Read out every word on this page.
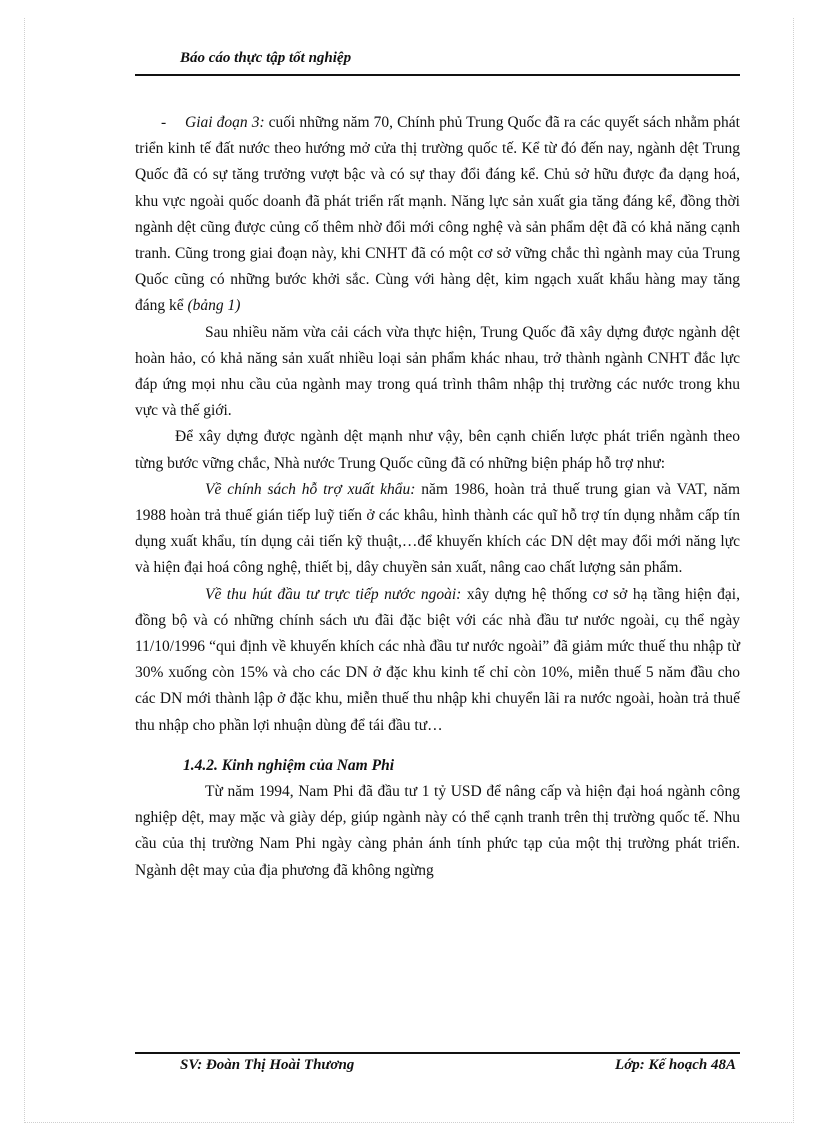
Báo cáo thực tập tốt nghiệp

- Giai đoạn 3: cuối những năm 70, Chính phủ Trung Quốc đã ra các quyết sách nhằm phát triển kinh tế đất nước theo hướng mở cửa thị trường quốc tế. Kể từ đó đến nay, ngành dệt Trung Quốc đã có sự tăng trưởng vượt bậc và có sự thay đổi đáng kể. Chủ sở hữu được đa dạng hoá, khu vực ngoài quốc doanh đã phát triển rất mạnh. Năng lực sản xuất gia tăng đáng kể, đồng thời ngành dệt cũng được củng cố thêm nhờ đổi mới công nghệ và sản phẩm dệt đã có khả năng cạnh tranh. Cũng trong giai đoạn này, khi CNHT đã có một cơ sở vững chắc thì ngành may của Trung Quốc cũng có những bước khởi sắc. Cùng với hàng dệt, kim ngạch xuất khẩu hàng may tăng đáng kể (bảng 1)

Sau nhiều năm vừa cải cách vừa thực hiện, Trung Quốc đã xây dựng được ngành dệt hoàn hảo, có khả năng sản xuất nhiều loại sản phẩm khác nhau, trở thành ngành CNHT đắc lực đáp ứng mọi nhu cầu của ngành may trong quá trình thâm nhập thị trường các nước trong khu vực và thế giới.

Để xây dựng được ngành dệt mạnh như vậy, bên cạnh chiến lược phát triển ngành theo từng bước vững chắc, Nhà nước Trung Quốc cũng đã có những biện pháp hỗ trợ như:

Về chính sách hỗ trợ xuất khẩu: năm 1986, hoàn trả thuế trung gian và VAT, năm 1988 hoàn trả thuế gián tiếp luỹ tiến ở các khâu, hình thành các quĩ hỗ trợ tín dụng nhằm cấp tín dụng xuất khẩu, tín dụng cải tiến kỹ thuật,…để khuyến khích các DN dệt may đổi mới năng lực và hiện đại hoá công nghệ, thiết bị, dây chuyền sản xuất, nâng cao chất lượng sản phẩm.

Về thu hút đầu tư trực tiếp nước ngoài: xây dựng hệ thống cơ sở hạ tầng hiện đại, đồng bộ và có những chính sách ưu đãi đặc biệt với các nhà đầu tư nước ngoài, cụ thể ngày 11/10/1996 “qui định về khuyến khích các nhà đầu tư nước ngoài” đã giảm mức thuế thu nhập từ 30% xuống còn 15% và cho các DN ở đặc khu kinh tế chỉ còn 10%, miễn thuế 5 năm đầu cho các DN mới thành lập ở đặc khu, miễn thuế thu nhập khi chuyển lãi ra nước ngoài, hoàn trả thuế thu nhập cho phần lợi nhuận dùng để tái đầu tư…

1.4.2. Kinh nghiệm của Nam Phi

Từ năm 1994, Nam Phi đã đầu tư 1 tỷ USD để nâng cấp và hiện đại hoá ngành công nghiệp dệt, may mặc và giày dép, giúp ngành này có thể cạnh tranh trên thị trường quốc tế. Nhu cầu của thị trường Nam Phi ngày càng phản ánh tính phức tạp của một thị trường phát triển. Ngành dệt may của địa phương đã không ngừng

SV: Đoàn Thị Hoài Thương	Lớp: Kế hoạch 48A
